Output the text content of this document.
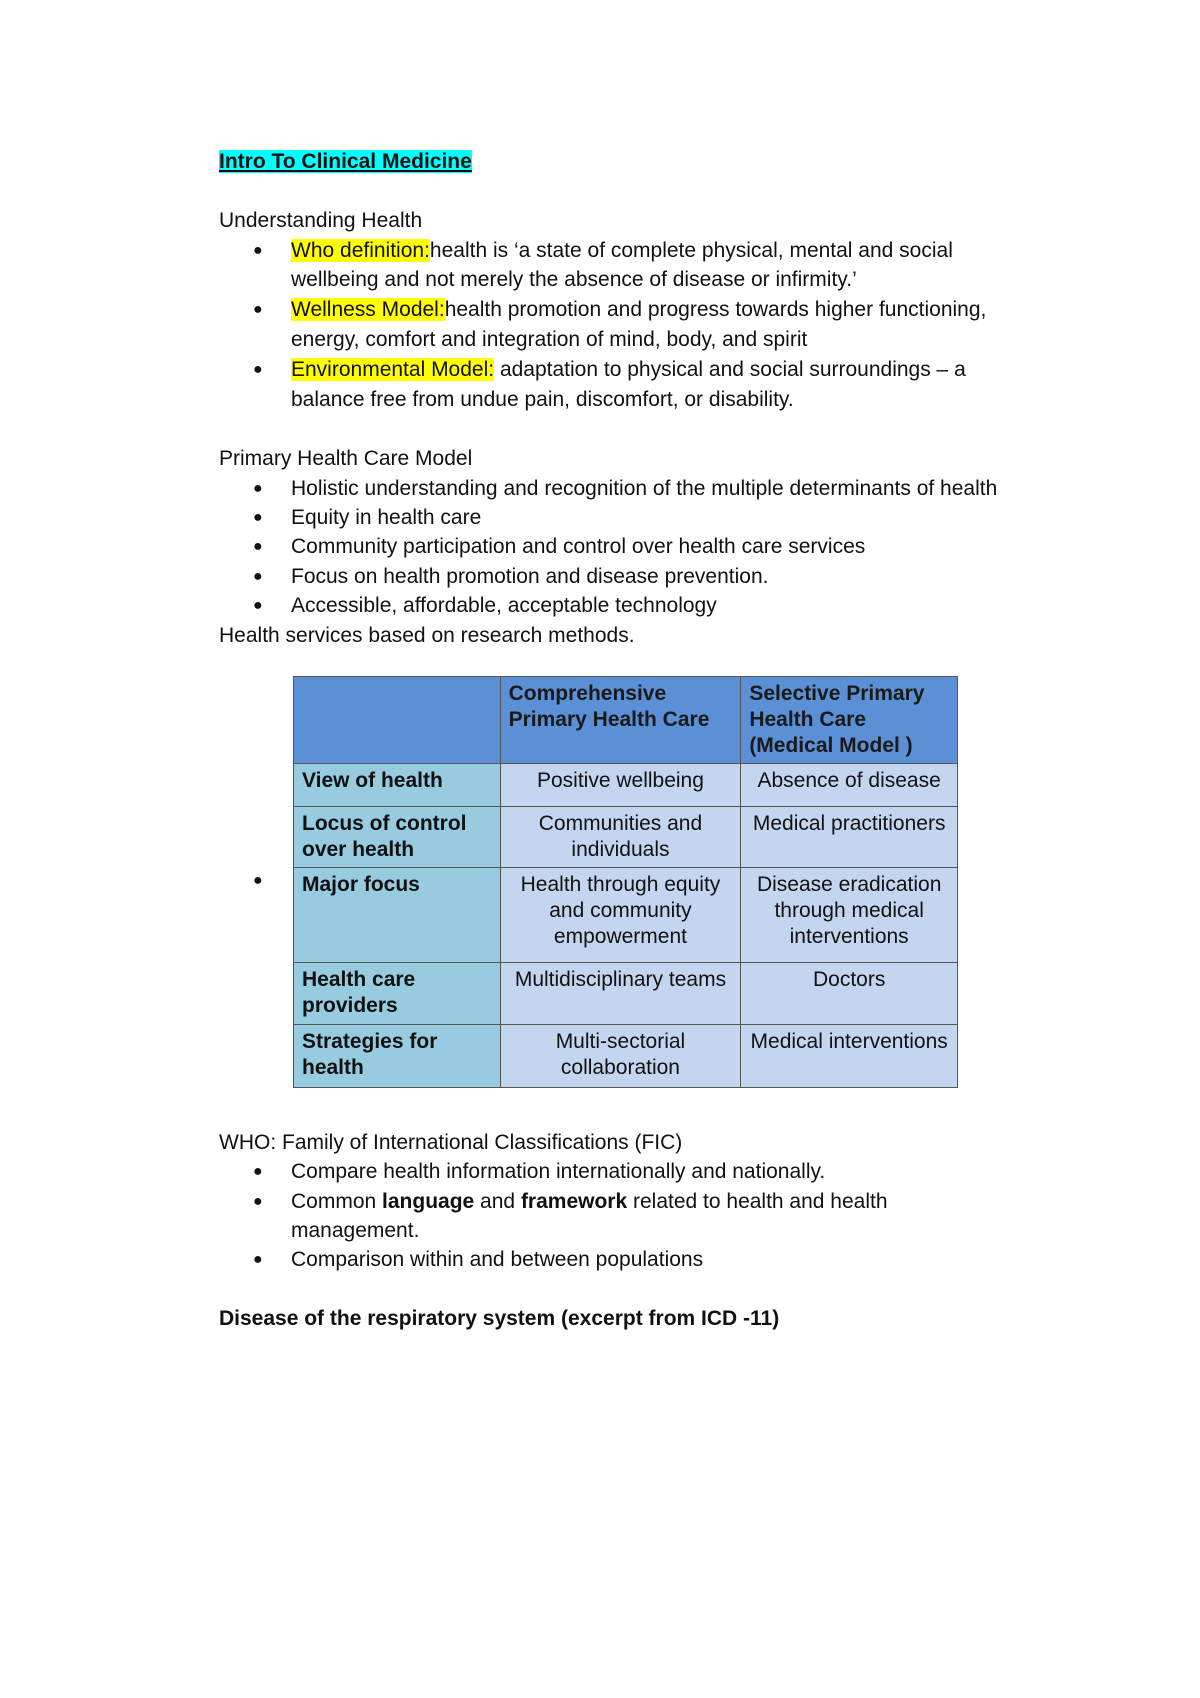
Intro To Clinical Medicine
Understanding Health
● Who definition:health is ‘a state of complete physical, mental and social
wellbeing and not merely the absence of disease or infirmity.’
● Wellness Model:health promotion and progress towards higher functioning,
energy, comfort and integration of mind, body, and spirit
● Environmental Model: adaptation to physical and social surroundings – a
balance free from undue pain, discomfort, or disability.
Primary Health Care Model
● Holistic understanding and recognition of the multiple determinants of health
● Equity in health care
● Community participation and control over health care services
● Focus on health promotion and disease prevention.
● Accessible, affordable, acceptable technology
Health services based on research methods.
●
	Comprehensive Primary Health Care	Selective Primary Health Care (Medical Model )
View of health	Positive wellbeing	Absence of disease
Locus of control over health	Communities and individuals	Medical practitioners
Major focus	Health through equity and community empowerment	Disease eradication through medical interventions
Health care providers	Multidisciplinary teams	Doctors
Strategies for health	Multi-sectorial collaboration	Medical interventions
WHO: Family of International Classifications (FIC)
● Compare health information internationally and nationally.
● Common language and framework related to health and health
management.
● Comparison within and between populations
Disease of the respiratory system (excerpt from ICD -11)
